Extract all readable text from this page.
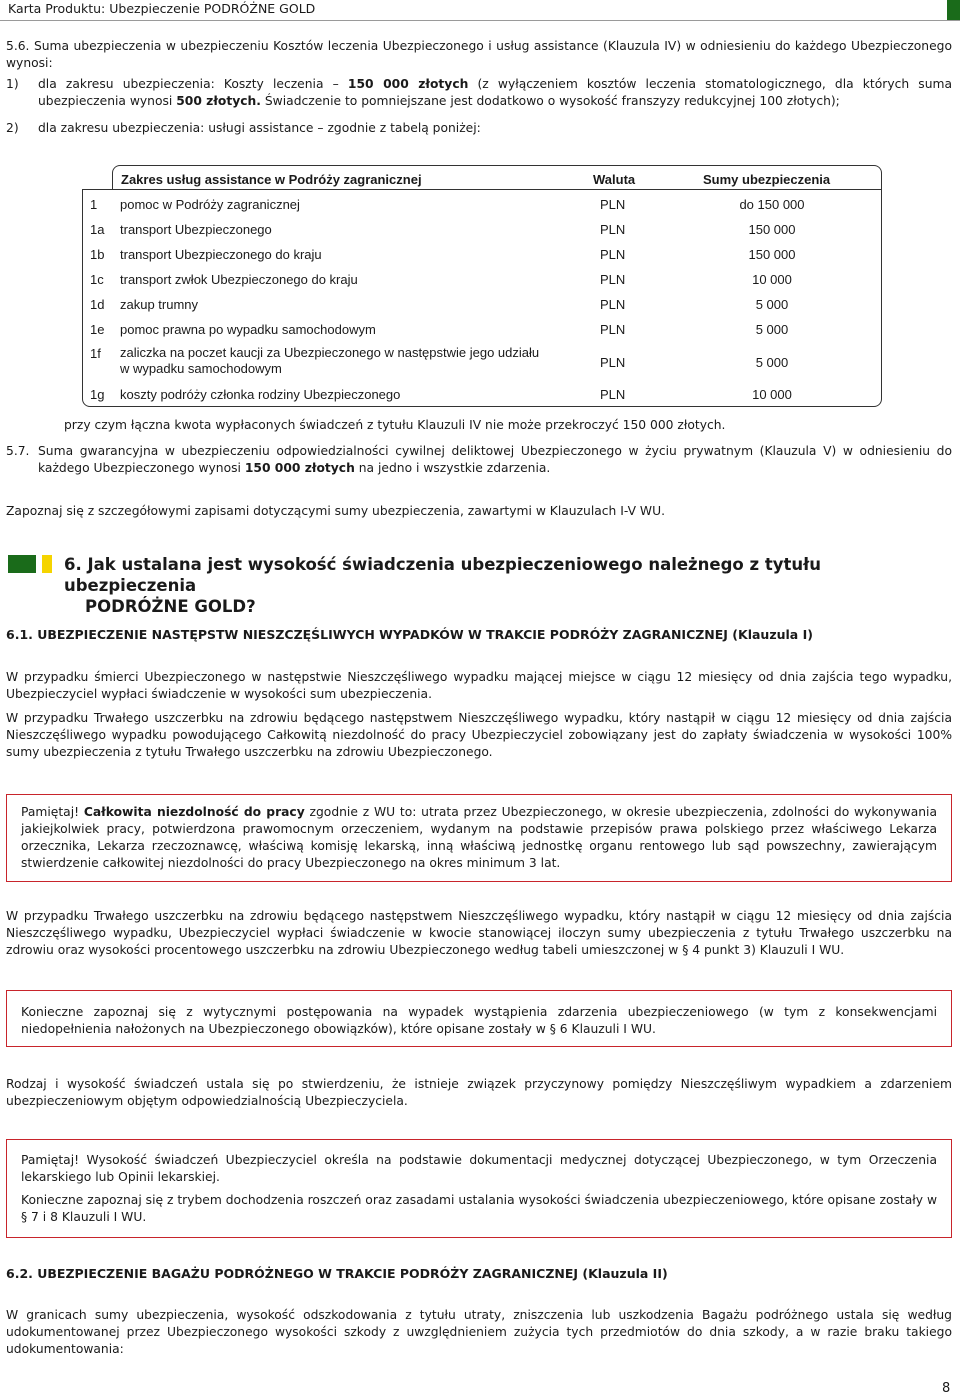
Karta Produktu: Ubezpieczenie PODRÓŻNE GOLD
5.6. Suma ubezpieczenia w ubezpieczeniu Kosztów leczenia Ubezpieczonego i usług assistance (Klauzula IV) w odniesieniu do każdego Ubezpieczonego wynosi:
1) dla zakresu ubezpieczenia: Koszty leczenia – 150 000 złotych (z wyłączeniem kosztów leczenia stomatologicznego, dla których suma ubezpieczenia wynosi 500 złotych. Świadczenie to pomniejszane jest dodatkowo o wysokość franszyzy redukcyjnej 100 złotych);
2) dla zakresu ubezpieczenia: usługi assistance – zgodnie z tabelą poniżej:
Zakres usług assistance w Podróży zagranicznej	Waluta	Sumy ubezpieczenia
1 pomoc w Podróży zagranicznej	PLN	do 150 000
1a transport Ubezpieczonego	PLN	150 000
1b transport Ubezpieczonego do kraju	PLN	150 000
1c transport zwłok Ubezpieczonego do kraju	PLN	10 000
1d zakup trumny	PLN	5 000
1e pomoc prawna po wypadku samochodowym	PLN	5 000
1f zaliczka na poczet kaucji za Ubezpieczonego w następstwie jego udziału w wypadku samochodowym	PLN	5 000
1g koszty podróży członka rodziny Ubezpieczonego	PLN	10 000
przy czym łączna kwota wypłaconych świadczeń z tytułu Klauzuli IV nie może przekroczyć 150 000 złotych.
5.7. Suma gwarancyjna w ubezpieczeniu odpowiedzialności cywilnej deliktowej Ubezpieczonego w życiu prywatnym (Klauzula V) w odniesieniu do każdego Ubezpieczonego wynosi 150 000 złotych na jedno i wszystkie zdarzenia.
Zapoznaj się z szczegółowymi zapisami dotyczącymi sumy ubezpieczenia, zawartymi w Klauzulach I-V WU.
6. Jak ustalana jest wysokość świadczenia ubezpieczeniowego należnego z tytułu ubezpieczenia
PODRÓŻNE GOLD?
6.1. UBEZPIECZENIE NASTĘPSTW NIESZCZĘŚLIWYCH WYPADKÓW W TRAKCIE PODRÓŻY ZAGRANICZNEJ (Klauzula I)
W przypadku śmierci Ubezpieczonego w następstwie Nieszczęśliwego wypadku mającej miejsce w ciągu 12 miesięcy od dnia zajścia tego wypadku, Ubezpieczyciel wypłaci świadczenie w wysokości sum ubezpieczenia.
W przypadku Trwałego uszczerbku na zdrowiu będącego następstwem Nieszczęśliwego wypadku, który nastąpił w ciągu 12 miesięcy od dnia zajścia Nieszczęśliwego wypadku powodującego Całkowitą niezdolność do pracy Ubezpieczyciel zobowiązany jest do zapłaty świadczenia w wysokości 100% sumy ubezpieczenia z tytułu Trwałego uszczerbku na zdrowiu Ubezpieczonego.
Pamiętaj! Całkowita niezdolność do pracy zgodnie z WU to: utrata przez Ubezpieczonego, w okresie ubezpieczenia, zdolności do wykonywania jakiejkolwiek pracy, potwierdzona prawomocnym orzeczeniem, wydanym na podstawie przepisów prawa polskiego przez właściwego Lekarza orzecznika, Lekarza rzeczoznawcę, właściwą komisję lekarską, inną właściwą jednostkę organu rentowego lub sąd powszechny, zawierającym stwierdzenie całkowitej niezdolności do pracy Ubezpieczonego na okres minimum 3 lat.
W przypadku Trwałego uszczerbku na zdrowiu będącego następstwem Nieszczęśliwego wypadku, który nastąpił w ciągu 12 miesięcy od dnia zajścia Nieszczęśliwego wypadku, Ubezpieczyciel wypłaci świadczenie w kwocie stanowiącej iloczyn sumy ubezpieczenia z tytułu Trwałego uszczerbku na zdrowiu oraz wysokości procentowego uszczerbku na zdrowiu Ubezpieczonego według tabeli umieszczonej w § 4 punkt 3) Klauzuli I WU.
Konieczne zapoznaj się z wytycznymi postępowania na wypadek wystąpienia zdarzenia ubezpieczeniowego (w tym z konsekwencjami niedopełnienia nałożonych na Ubezpieczonego obowiązków), które opisane zostały w § 6 Klauzuli I WU.
Rodzaj i wysokość świadczeń ustala się po stwierdzeniu, że istnieje związek przyczynowy pomiędzy Nieszczęśliwym wypadkiem a zdarzeniem ubezpieczeniowym objętym odpowiedzialnością Ubezpieczyciela.
Pamiętaj! Wysokość świadczeń Ubezpieczyciel określa na podstawie dokumentacji medycznej dotyczącej Ubezpieczonego, w tym Orzeczenia lekarskiego lub Opinii lekarskiej.
Konieczne zapoznaj się z trybem dochodzenia roszczeń oraz zasadami ustalania wysokości świadczenia ubezpieczeniowego, które opisane zostały w § 7 i 8 Klauzuli I WU.
6.2. UBEZPIECZENIE BAGAŻU PODRÓŻNEGO W TRAKCIE PODRÓŻY ZAGRANICZNEJ (Klauzula II)
W granicach sumy ubezpieczenia, wysokość odszkodowania z tytułu utraty, zniszczenia lub uszkodzenia Bagażu podróżnego ustala się według udokumentowanej przez Ubezpieczonego wysokości szkody z uwzględnieniem zużycia tych przedmiotów do dnia szkody, a w razie braku takiego udokumentowania:
8
